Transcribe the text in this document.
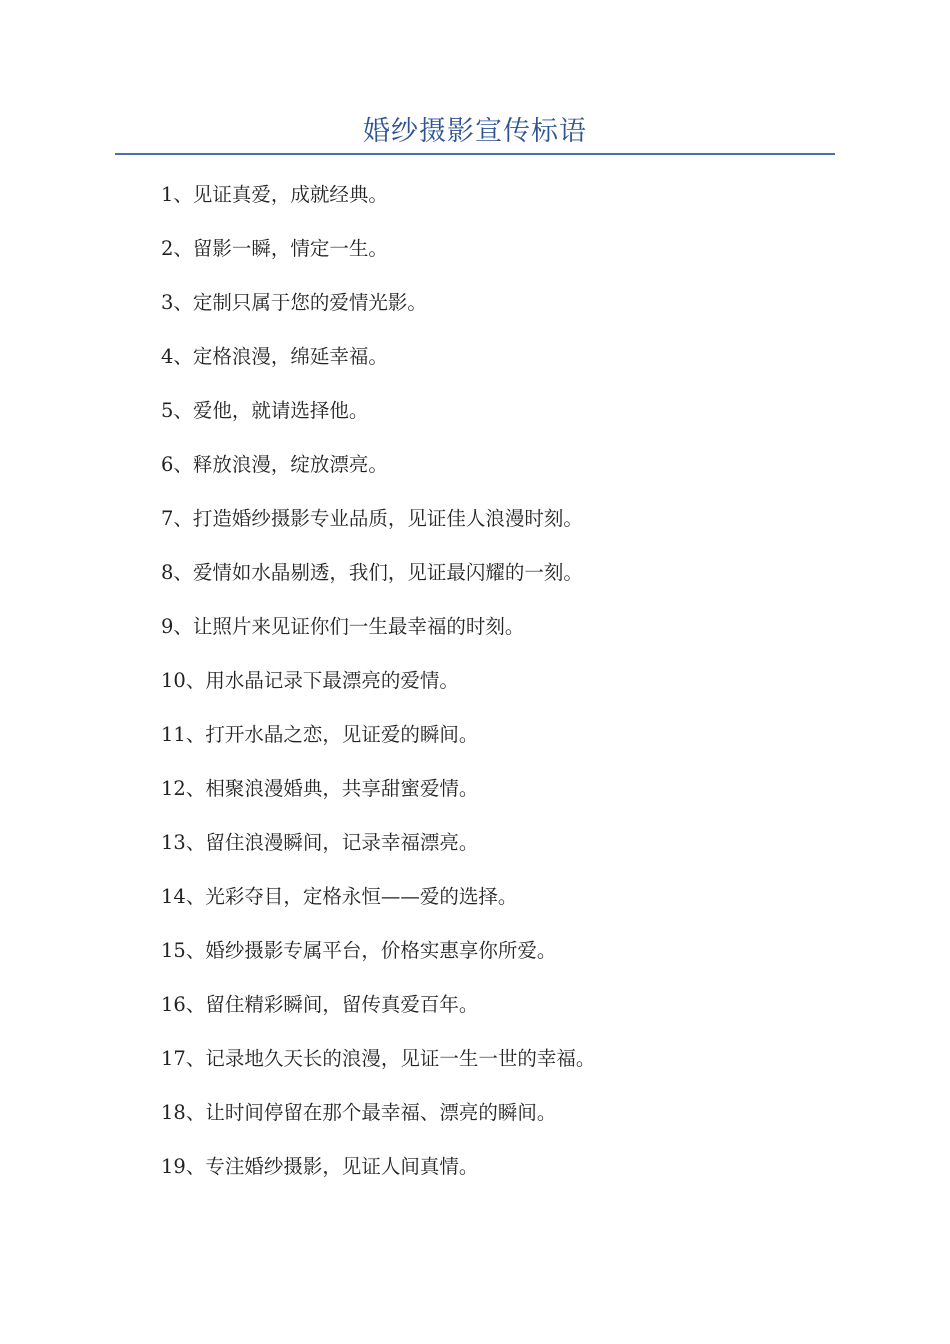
婚纱摄影宣传标语
1、见证真爱，成就经典。
2、留影一瞬，情定一生。
3、定制只属于您的爱情光影。
4、定格浪漫，绵延幸福。
5、爱他，就请选择他。
6、释放浪漫，绽放漂亮。
7、打造婚纱摄影专业品质，见证佳人浪漫时刻。
8、爱情如水晶剔透，我们，见证最闪耀的一刻。
9、让照片来见证你们一生最幸福的时刻。
10、用水晶记录下最漂亮的爱情。
11、打开水晶之恋，见证爱的瞬间。
12、相聚浪漫婚典，共享甜蜜爱情。
13、留住浪漫瞬间，记录幸福漂亮。
14、光彩夺目，定格永恒——爱的选择。
15、婚纱摄影专属平台，价格实惠享你所爱。
16、留住精彩瞬间，留传真爱百年。
17、记录地久天长的浪漫，见证一生一世的幸福。
18、让时间停留在那个最幸福、漂亮的瞬间。
19、专注婚纱摄影，见证人间真情。
